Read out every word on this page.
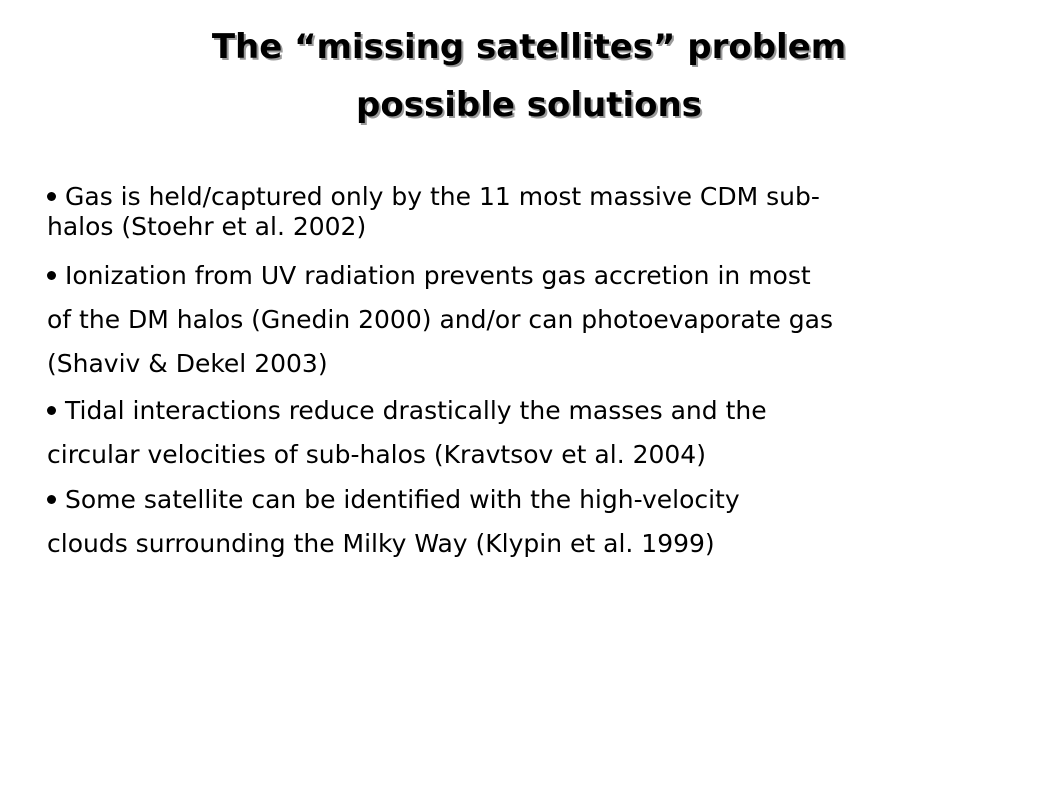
The “missing satellites” problem
possible solutions
Gas is held/captured only by the 11 most massive CDM sub-
halos (Stoehr et al. 2002)
Ionization from UV radiation prevents gas accretion in most
of the DM halos (Gnedin 2000) and/or can photoevaporate gas
(Shaviv & Dekel 2003)
Tidal interactions reduce drastically the masses and the
circular velocities of sub-halos (Kravtsov et al. 2004)
Some satellite can be identified with the high-velocity
clouds surrounding the Milky Way (Klypin et al. 1999)
